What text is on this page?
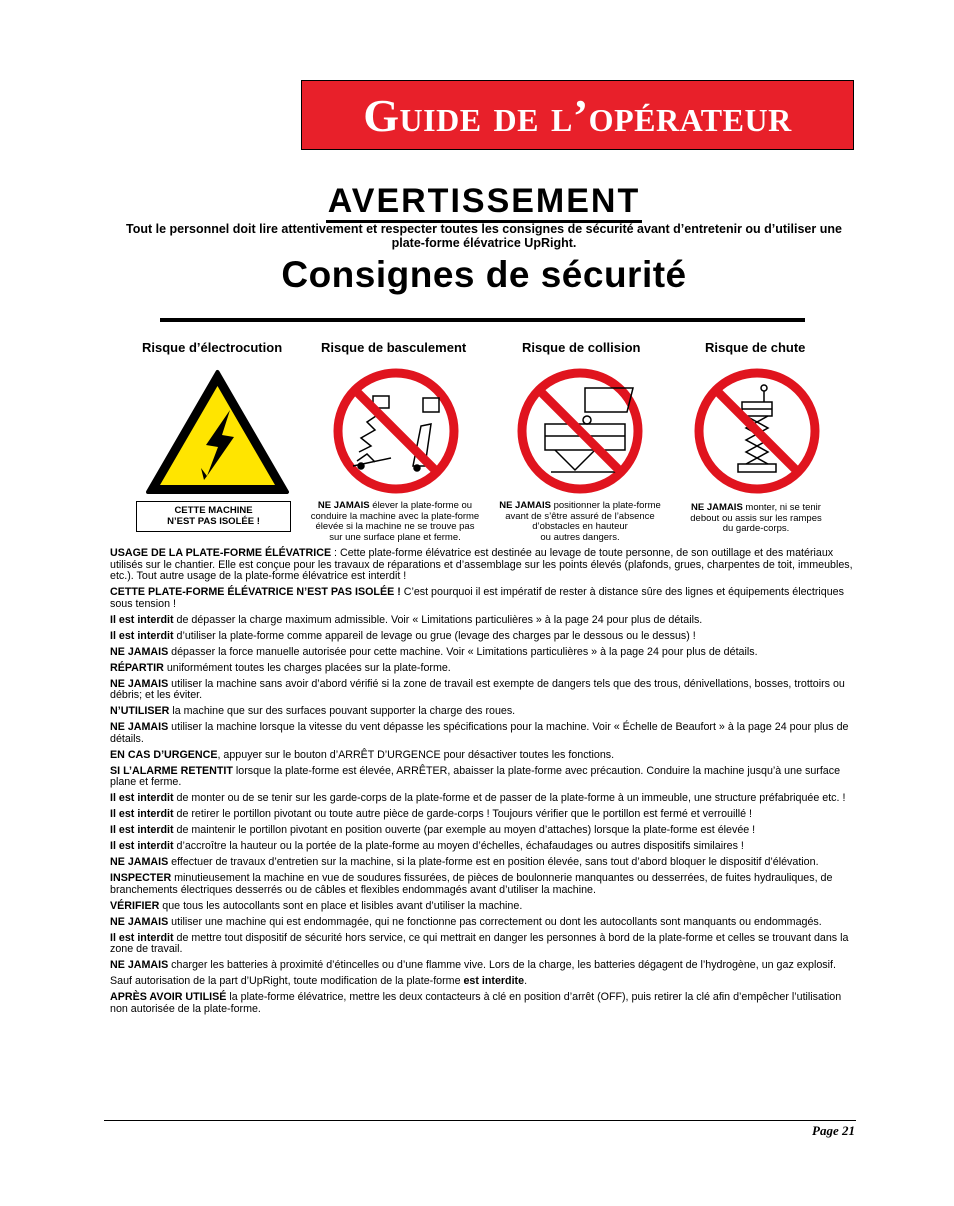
Guide de l’opérateur
AVERTISSEMENT
Tout le personnel doit lire attentivement et respecter toutes les consignes de sécurité avant d’entretenir ou d’utiliser une plate-forme élévatrice UpRight.
Consignes de sécurité
Risque d’électrocution	Risque de basculement	Risque de collision	Risque de chute
CETTE MACHINE
N’EST PAS ISOLÉE !
NE JAMAIS élever la plate-forme ou
conduire la machine avec la plate-forme
élevée si la machine ne se trouve pas
sur une surface plane et ferme.
NE JAMAIS positionner la plate-forme
avant de s’être assuré de l’absence
d’obstacles en hauteur
ou autres dangers.
NE JAMAIS monter, ni se tenir
debout ou assis sur les rampes
du garde-corps.

USAGE DE LA PLATE-FORME ÉLÉVATRICE : Cette plate-forme élévatrice est destinée au levage de toute personne, de son outillage et des matériaux utilisés sur le chantier. Elle est conçue pour les travaux de réparations et d’assemblage sur les points élevés (plafonds, grues, charpentes de toit, immeubles, etc.). Tout autre usage de la plate-forme élévatrice est interdit !

CETTE PLATE-FORME ÉLÉVATRICE N’EST PAS ISOLÉE ! C’est pourquoi il est impératif de rester à distance sûre des lignes et équipements électriques sous tension !

Il est interdit de dépasser la charge maximum admissible. Voir « Limitations particulières » à la page 24 pour plus de détails.

Il est interdit d’utiliser la plate-forme comme appareil de levage ou grue (levage des charges par le dessous ou le dessus) !

NE JAMAIS dépasser la force manuelle autorisée pour cette machine. Voir « Limitations particulières » à la page 24 pour plus de détails.

RÉPARTIR uniformément toutes les charges placées sur la plate-forme.

NE JAMAIS utiliser la machine sans avoir d’abord vérifié si la zone de travail est exempte de dangers tels que des trous, dénivellations, bosses, trottoirs ou débris; et les éviter.

N’UTILISER la machine que sur des surfaces pouvant supporter la charge des roues.

NE JAMAIS utiliser la machine lorsque la vitesse du vent dépasse les spécifications pour la machine. Voir « Échelle de Beaufort » à la page 24 pour plus de détails.

EN CAS D’URGENCE, appuyer sur le bouton d’ARRÊT D’URGENCE pour désactiver toutes les fonctions.

SI L’ALARME RETENTIT lorsque la plate-forme est élevée, ARRÊTER, abaisser la plate-forme avec précaution. Conduire la machine jusqu’à une surface plane et ferme.

Il est interdit de monter ou de se tenir sur les garde-corps de la plate-forme et de passer de la plate-forme à un immeuble, une structure préfabriquée etc. !

Il est interdit de retirer le portillon pivotant ou toute autre pièce de garde-corps ! Toujours vérifier que le portillon est fermé et verrouillé !

Il est interdit de maintenir le portillon pivotant en position ouverte (par exemple au moyen d’attaches) lorsque la plate-forme est élevée !

Il est interdit d’accroître la hauteur ou la portée de la plate-forme au moyen d’échelles, échafaudages ou autres dispositifs similaires !

NE JAMAIS effectuer de travaux d’entretien sur la machine, si la plate-forme est en position élevée, sans tout d’abord bloquer le dispositif d’élévation.

INSPECTER minutieusement la machine en vue de soudures fissurées, de pièces de boulonnerie manquantes ou desserrées, de fuites hydrauliques, de branchements électriques desserrés ou de câbles et flexibles endommagés avant d’utiliser la machine.

VÉRIFIER que tous les autocollants sont en place et lisibles avant d’utiliser la machine.

NE JAMAIS utiliser une machine qui est endommagée, qui ne fonctionne pas correctement ou dont les autocollants sont manquants ou endommagés.

Il est interdit de mettre tout dispositif de sécurité hors service, ce qui mettrait en danger les personnes à bord de la plate-forme et celles se trouvant dans la zone de travail.

NE JAMAIS charger les batteries à proximité d’étincelles ou d’une flamme vive. Lors de la charge, les batteries dégagent de l’hydrogène, un gaz explosif.

Sauf autorisation de la part d’UpRight, toute modification de la plate-forme est interdite.

APRÈS AVOIR UTILISÉ la plate-forme élévatrice, mettre les deux contacteurs à clé en position d’arrêt (OFF), puis retirer la clé afin d’empêcher l’utilisation non autorisée de la plate-forme.

Page 21
